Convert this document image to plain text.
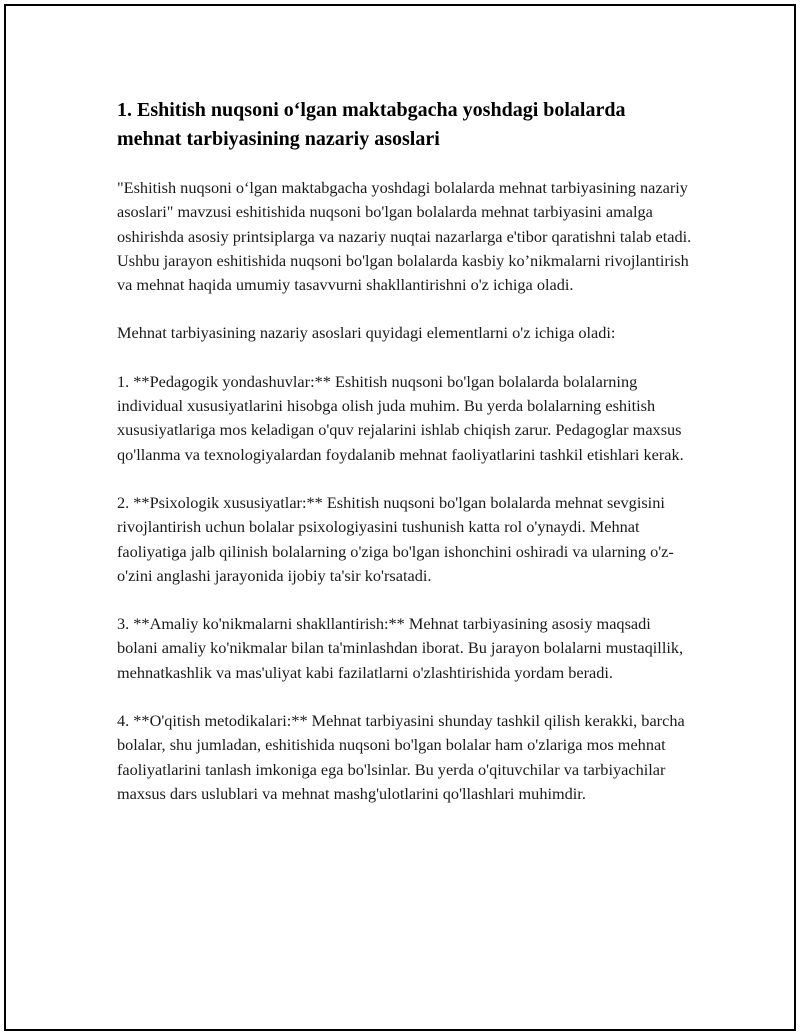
1. Eshitish nuqsoni o‘lgan maktabgacha yoshdagi bolalarda mehnat tarbiyasining nazariy asoslari

"Eshitish nuqsoni o‘lgan maktabgacha yoshdagi bolalarda mehnat tarbiyasining nazariy asoslari" mavzusi eshitishida nuqsoni bo'lgan bolalarda mehnat tarbiyasini amalga oshirishda asosiy printsiplarga va nazariy nuqtai nazarlarga e'tibor qaratishni talab etadi. Ushbu jarayon eshitishida nuqsoni bo'lgan bolalarda kasbiy ko’nikmalarni rivojlantirish va mehnat haqida umumiy tasavvurni shakllantirishni o'z ichiga oladi.

Mehnat tarbiyasining nazariy asoslari quyidagi elementlarni o'z ichiga oladi:

1. **Pedagogik yondashuvlar:** Eshitish nuqsoni bo'lgan bolalarda bolalarning individual xususiyatlarini hisobga olish juda muhim. Bu yerda bolalarning eshitish xususiyatlariga mos keladigan o'quv rejalarini ishlab chiqish zarur. Pedagoglar maxsus qo'llanma va texnologiyalardan foydalanib mehnat faoliyatlarini tashkil etishlari kerak.

2. **Psixologik xususiyatlar:** Eshitish nuqsoni bo'lgan bolalarda mehnat sevgisini rivojlantirish uchun bolalar psixologiyasini tushunish katta rol o'ynaydi. Mehnat faoliyatiga jalb qilinish bolalarning o'ziga bo'lgan ishonchini oshiradi va ularning o'z-o'zini anglashi jarayonida ijobiy ta'sir ko'rsatadi.

3. **Amaliy ko'nikmalarni shakllantirish:** Mehnat tarbiyasining asosiy maqsadi bolani amaliy ko'nikmalar bilan ta'minlashdan iborat. Bu jarayon bolalarni mustaqillik, mehnatkashlik va mas'uliyat kabi fazilatlarni o'zlashtirishida yordam beradi.

4. **O'qitish metodikalari:** Mehnat tarbiyasini shunday tashkil qilish kerakki, barcha bolalar, shu jumladan, eshitishida nuqsoni bo'lgan bolalar ham o'zlariga mos mehnat faoliyatlarini tanlash imkoniga ega bo'lsinlar. Bu yerda o'qituvchilar va tarbiyachilar maxsus dars uslublari va mehnat mashg'ulotlarini qo'llashlari muhimdir.
